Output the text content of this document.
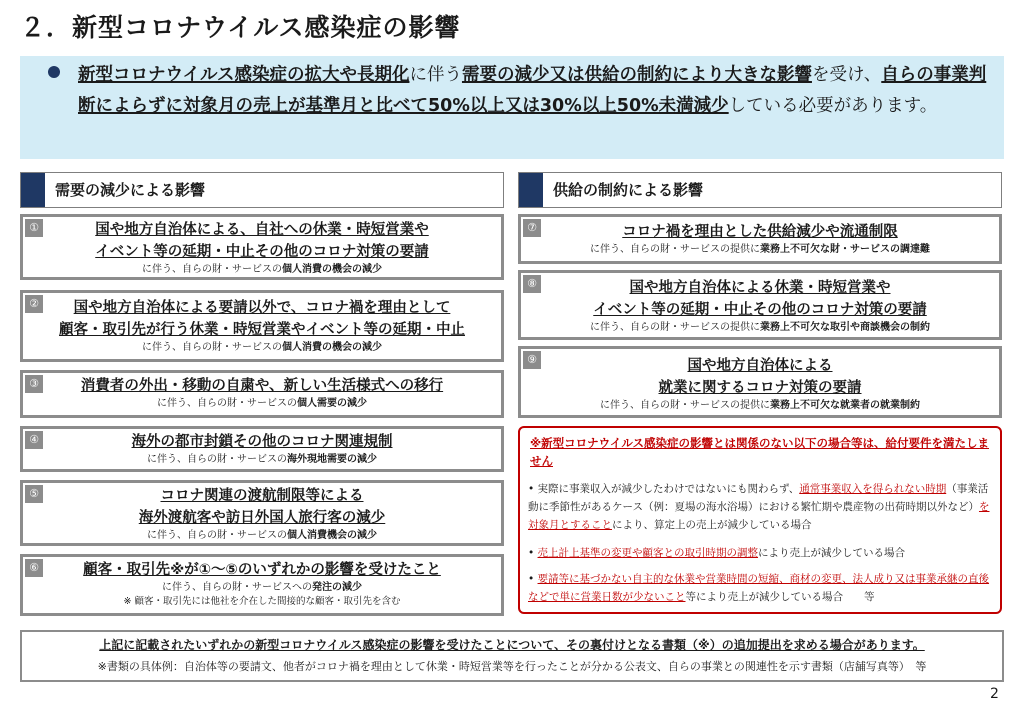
２．新型コロナウイルス感染症の影響
新型コロナウイルス感染症の拡大や長期化に伴う需要の減少又は供給の制約により大きな影響を受け、自らの事業判断によらずに対象月の売上が基準月と比べて50%以上又は30%以上50%未満減少している必要があります。
需要の減少による影響
①	国や地方自治体による、自社への休業・時短営業や
イベント等の延期・中止その他のコロナ対策の要請
に伴う、自らの財・サービスの個人消費の機会の減少
②	国や地方自治体による要請以外で、コロナ禍を理由として
顧客・取引先が行う休業・時短営業やイベント等の延期・中止
に伴う、自らの財・サービスの個人消費の機会の減少
③	消費者の外出・移動の自粛や、新しい生活様式への移行
に伴う、自らの財・サービスの個人需要の減少
④	海外の都市封鎖その他のコロナ関連規制
に伴う、自らの財・サービスの海外現地需要の減少
⑤	コロナ関連の渡航制限等による
海外渡航客や訪日外国人旅行客の減少
に伴う、自らの財・サービスの個人消費機会の減少
⑥	顧客・取引先※が①～⑤のいずれかの影響を受けたこと
に伴う、自らの財・サービスへの発注の減少
※ 顧客・取引先には他社を介在した間接的な顧客・取引先を含む
供給の制約による影響
⑦	コロナ禍を理由とした供給減少や流通制限
に伴う、自らの財・サービスの提供に業務上不可欠な財・サービスの調達難
⑧	国や地方自治体による休業・時短営業や
イベント等の延期・中止その他のコロナ対策の要請
に伴う、自らの財・サービスの提供に業務上不可欠な取引や商談機会の制約
⑨	国や地方自治体による
就業に関するコロナ対策の要請
に伴う、自らの財・サービスの提供に業務上不可欠な就業者の就業制約
※新型コロナウイルス感染症の影響とは関係のない以下の場合等は、給付要件を満たしません
• 実際に事業収入が減少したわけではないにも関わらず、通常事業収入を得られない時期（事業活動に季節性があるケース（例：夏場の海水浴場）における繁忙期や農産物の出荷時期以外など）を対象月とすることにより、算定上の売上が減少している場合
• 売上計上基準の変更や顧客との取引時期の調整により売上が減少している場合
• 要請等に基づかない自主的な休業や営業時間の短縮、商材の変更、法人成り又は事業承継の直後などで単に営業日数が少ないこと等により売上が減少している場合　　等
上記に記載されたいずれかの新型コロナウイルス感染症の影響を受けたことについて、その裏付けとなる書類（※）の追加提出を求める場合があります。
※書類の具体例：自治体等の要請文、他者がコロナ禍を理由として休業・時短営業等を行ったことが分かる公表文、自らの事業との関連性を示す書類（店舗写真等）　等
2
